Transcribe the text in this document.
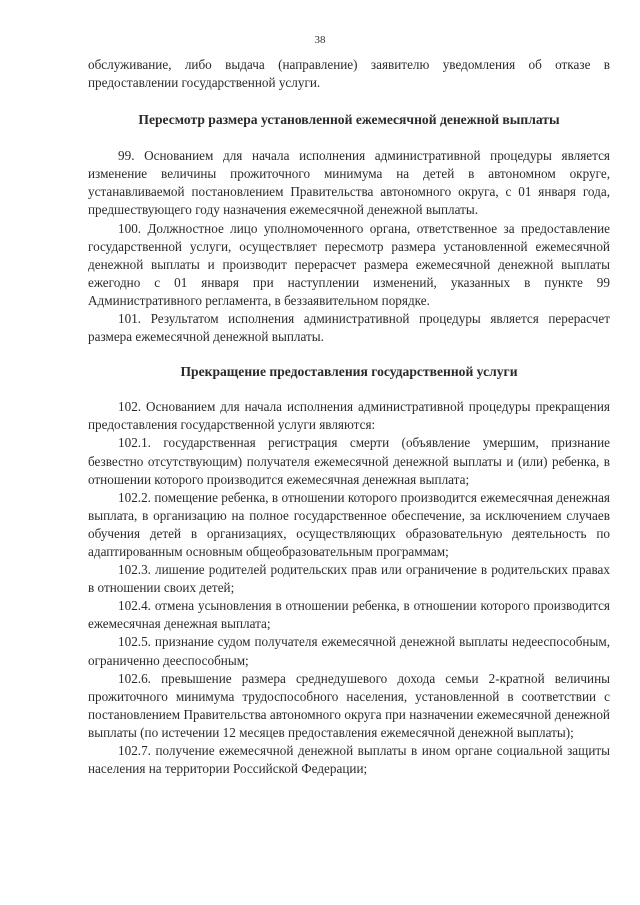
38

обслуживание, либо выдача (направление) заявителю уведомления об отказе в предоставлении государственной услуги.

Пересмотр размера установленной ежемесячной денежной выплаты

99. Основанием для начала исполнения административной процедуры является изменение величины прожиточного минимума на детей в автономном округе, устанавливаемой постановлением Правительства автономного округа, с 01 января года, предшествующего году назначения ежемесячной денежной выплаты.

100. Должностное лицо уполномоченного органа, ответственное за предоставление государственной услуги, осуществляет пересмотр размера установленной ежемесячной денежной выплаты и производит перерасчет размера ежемесячной денежной выплаты ежегодно с 01 января при наступлении изменений, указанных в пункте 99 Административного регламента, в беззаявительном порядке.

101. Результатом исполнения административной процедуры является перерасчет размера ежемесячной денежной выплаты.

Прекращение предоставления государственной услуги

102. Основанием для начала исполнения административной процедуры прекращения предоставления государственной услуги являются:

102.1. государственная регистрация смерти (объявление умершим, признание безвестно отсутствующим) получателя ежемесячной денежной выплаты и (или) ребенка, в отношении которого производится ежемесячная денежная выплата;

102.2. помещение ребенка, в отношении которого производится ежемесячная денежная выплата, в организацию на полное государственное обеспечение, за исключением случаев обучения детей в организациях, осуществляющих образовательную деятельность по адаптированным основным общеобразовательным программам;

102.3. лишение родителей родительских прав или ограничение в родительских правах в отношении своих детей;

102.4. отмена усыновления в отношении ребенка, в отношении которого производится ежемесячная денежная выплата;

102.5. признание судом получателя ежемесячной денежной выплаты недееспособным, ограниченно дееспособным;

102.6. превышение размера среднедушевого дохода семьи 2-кратной величины прожиточного минимума трудоспособного населения, установленной в соответствии с постановлением Правительства автономного округа при назначении ежемесячной денежной выплаты (по истечении 12 месяцев предоставления ежемесячной денежной выплаты);

102.7. получение ежемесячной денежной выплаты в ином органе социальной защиты населения на территории Российской Федерации;
